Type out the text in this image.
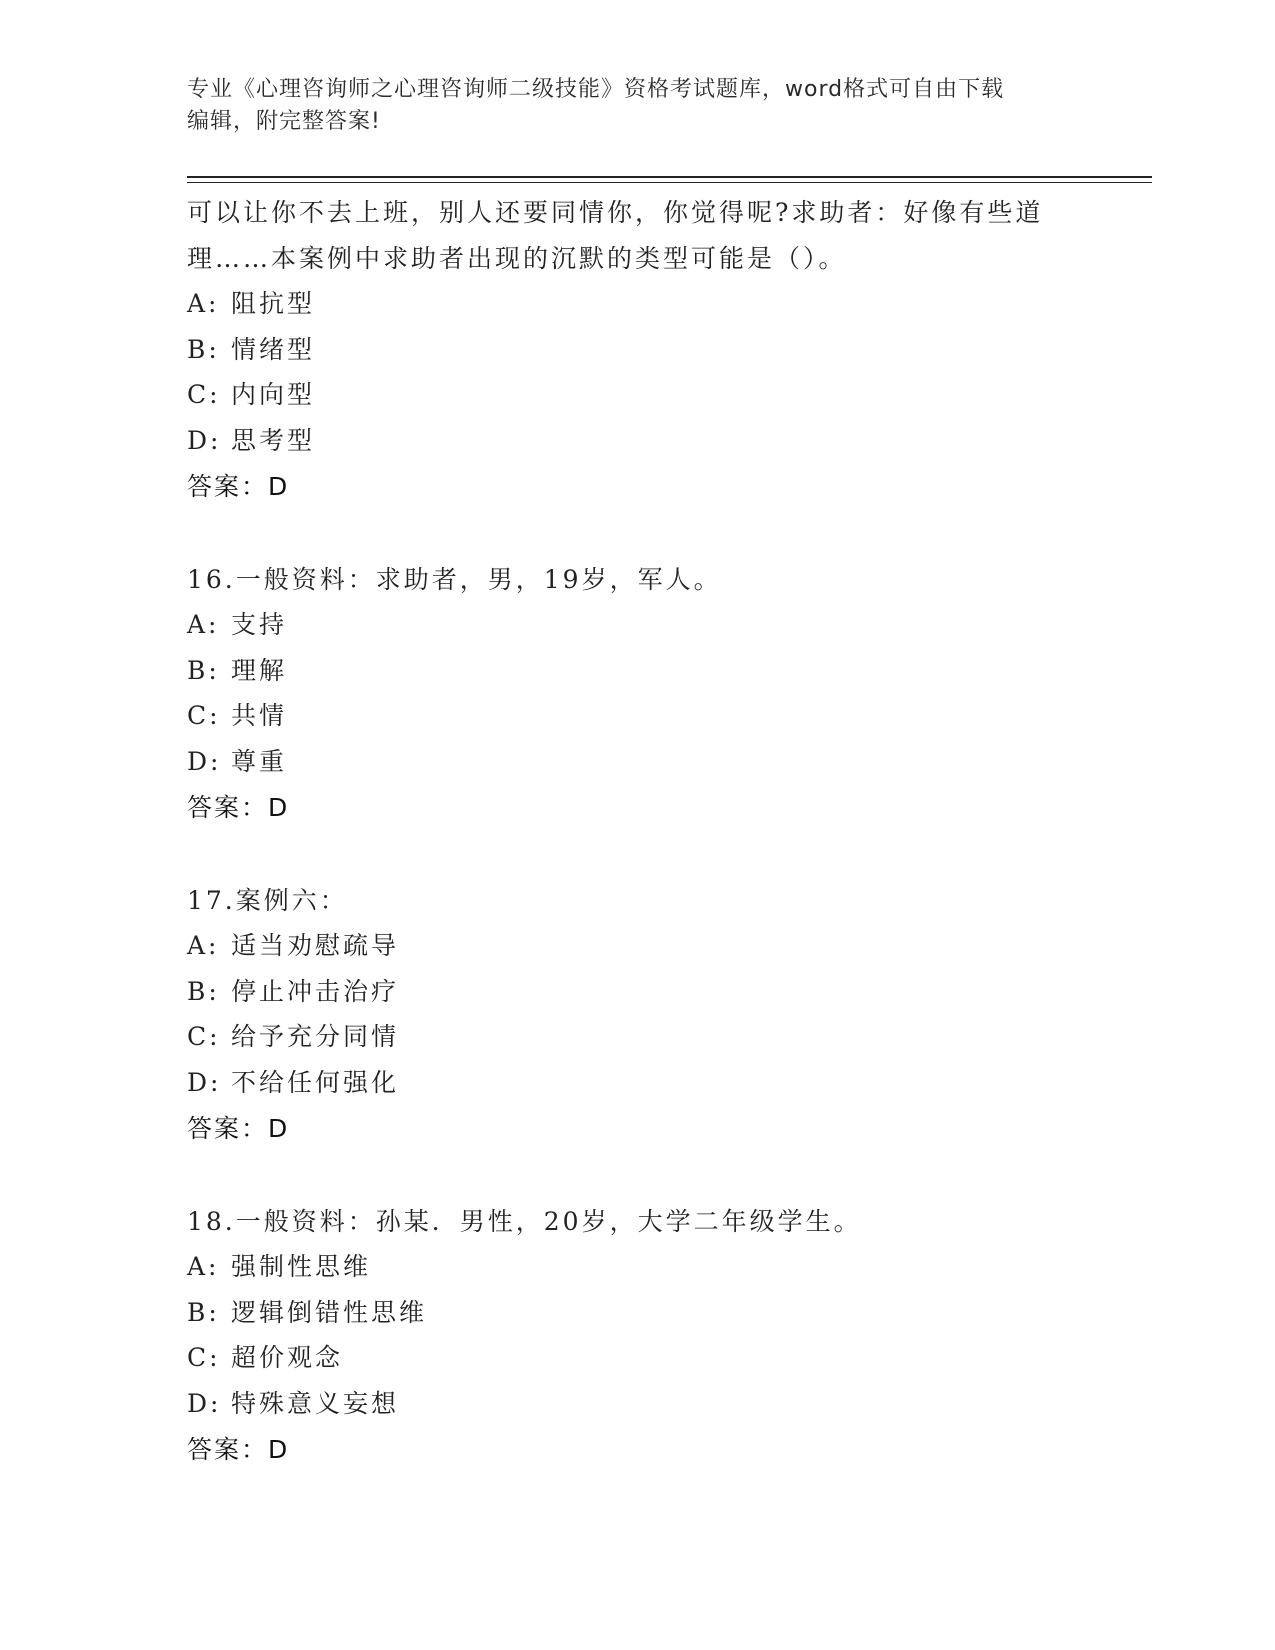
专业《心理咨询师之心理咨询师二级技能》资格考试题库，word格式可自由下载
编辑，附完整答案!
可以让你不去上班，别人还要同情你，你觉得呢?求助者：好像有些道
理……本案例中求助者出现的沉默的类型可能是（）。
A: 阻抗型
B: 情绪型
C: 内向型
D: 思考型
答案：D
16.一般资料：求助者，男，19岁，军人。
A: 支持
B: 理解
C: 共情
D: 尊重
答案：D
17.案例六：
A: 适当劝慰疏导
B: 停止冲击治疗
C: 给予充分同情
D: 不给任何强化
答案：D
18.一般资料：孙某．男性，20岁，大学二年级学生。
A: 强制性思维
B: 逻辑倒错性思维
C: 超价观念
D: 特殊意义妄想
答案：D
